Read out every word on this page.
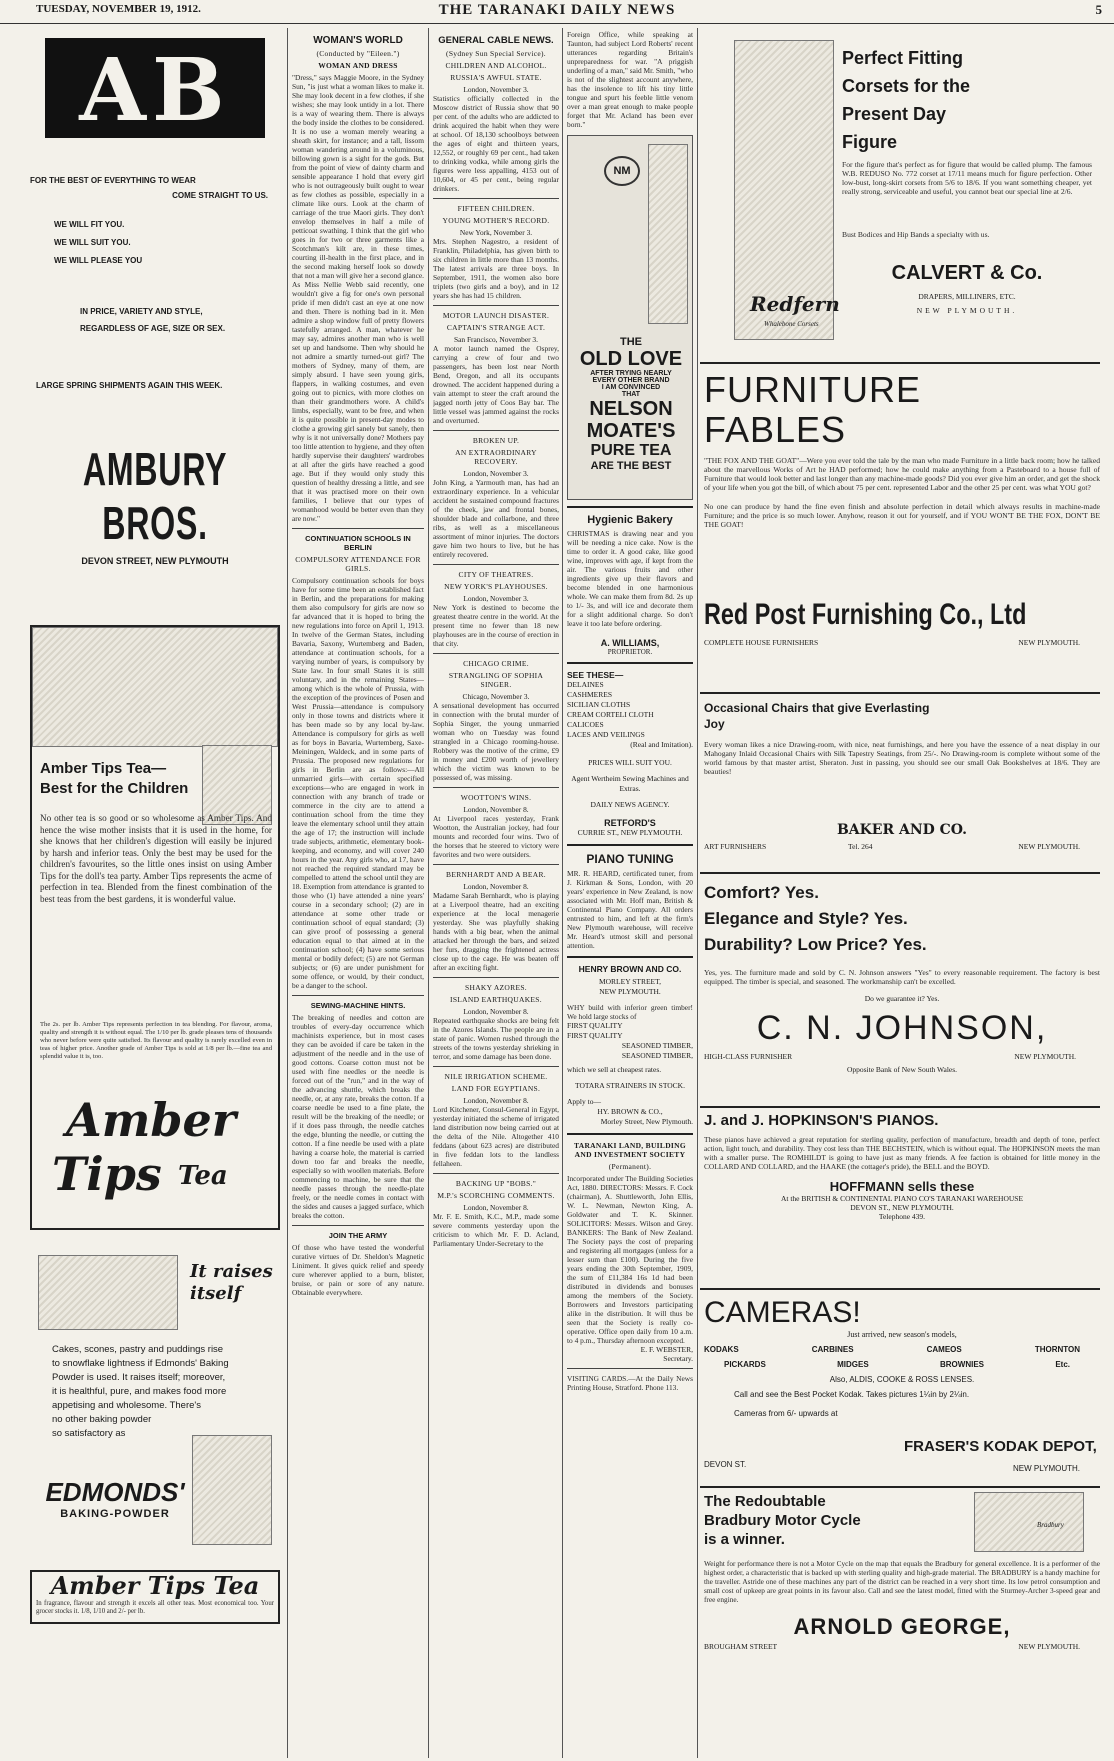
TUESDAY, NOVEMBER 19, 1912.	THE TARANAKI DAILY NEWS	5
AB
FOR THE BEST OF EVERYTHING TO WEAR
COME STRAIGHT TO US.
WE WILL FIT YOU.
WE WILL SUIT YOU.
WE WILL PLEASE YOU
IN PRICE, VARIETY AND STYLE,
REGARDLESS OF AGE, SIZE OR SEX.
LARGE SPRING SHIPMENTS AGAIN THIS WEEK.
AMBURY BROS.
DEVON STREET, NEW PLYMOUTH
Amber Tips Tea—
Best for the Children
No other tea is so good or so wholesome as Amber Tips. And hence the wise mother insists that it is used in the home, for she knows that her children's digestion will easily be injured by harsh and inferior teas. Only the best may be used for the children's favourites, so the little ones insist on using Amber Tips for the doll's tea party. Amber Tips represents the acme of perfection in tea. Blended from the finest combination of the best teas from the best gardens, it is wonderful value.
The 2s. per lb. Amber Tips represents perfection in tea blending. For flavour, aroma, quality and strength it is without equal. The 1/10 per lb. grade pleases tens of thousands who never before were quite satisfied. Its flavour and quality is rarely excelled even in teas of higher price. Another grade of Amber Tips is sold at 1/8 per lb.—fine tea and splendid value it is, too.
Amber
Tips Tea
It raises
itself
Cakes, scones, pastry and puddings rise
to snowflake lightness if Edmonds' Baking
Powder is used. It raises itself; moreover,
it is healthful, pure, and makes food more
appetising and wholesome. There's
no other baking powder
so satisfactory as
EDMONDS'
BAKING-POWDER
Amber Tips Tea
In fragrance, flavour and strength it excels all other teas. Most economical too. Your grocer stocks it. 1/8, 1/10 and 2/- per lb.
WOMAN'S WORLD
(Conducted by "Eileen.")
WOMAN AND DRESS
"Dress," says Maggie Moore, in the Sydney Sun, "is just what a woman likes to make it. She may look decent in a few clothes, if she wishes; she may look untidy in a lot. There is a way of wearing them. There is always the body inside the clothes to be considered. It is no use a woman merely wearing a sheath skirt, for instance; and a tall, lissom woman wandering around in a voluminous, billowing gown is a sight for the gods. But from the point of view of dainty charm and sensible appearance I hold that every girl who is not outrageously built ought to wear as few clothes as possible, especially in a climate like ours. Look at the charm of carriage of the true Maori girls. They don't envelop themselves in half a mile of petticoat swathing. I think that the girl who goes in for two or three garments like a Scotchman's kilt are, in these times, courting ill-health in the first place, and in the second making herself look so dowdy that not a man will give her a second glance. As Miss Nellie Webb said recently, one wouldn't give a fig for one's own personal pride if men didn't cast an eye at one now and then. There is nothing bad in it. Men admire a shop window full of pretty flowers tastefully arranged. A man, whatever he may say, admires another man who is well set up and handsome. Then why should he not admire a smartly turned-out girl? The mothers of Sydney, many of them, are simply absurd. I have seen young girls, flappers, in walking costumes, and even going out to picnics, with more clothes on than their grandmothers wore. A child's limbs, especially, want to be free, and when it is quite possible in present-day modes to clothe a growing girl sanely but sanely, then why is it not universally done? Mothers pay too little attention to hygiene, and they often hardly supervise their daughters' wardrobes at all after the girls have reached a good age. But if they would only study this question of healthy dressing a little, and see that it was practised more on their own families, I believe that our types of womanhood would be better even than they are now."
CONTINUATION SCHOOLS IN BERLIN
COMPULSORY ATTENDANCE FOR GIRLS.
Compulsory continuation schools for boys have for some time been an established fact in Berlin, and the preparations for making them also compulsory for girls are now so far advanced that it is hoped to bring the new regulations into force on April 1, 1913. In twelve of the German States, including Bavaria, Saxony, Wurtemberg and Baden, attendance at continuation schools, for a varying number of years, is compulsory by State law. In four small States it is still voluntary, and in the remaining States—among which is the whole of Prussia, with the exception of the provinces of Posen and West Prussia—attendance is compulsory only in those towns and districts where it has been made so by any local by-law. Attendance is compulsory for girls as well as for boys in Bavaria, Wurtemberg, Saxe-Meiningen, Waldeck, and in some parts of Prussia. The proposed new regulations for girls in Berlin are as follows:—All unmarried girls—with certain specified exceptions—who are engaged in work in connection with any branch of trade or commerce in the city are to attend a continuation school from the time they leave the elementary school until they attain the age of 17; the instruction will include trade subjects, arithmetic, elementary book-keeping, and economy, and will cover 240 hours in the year. Any girls who, at 17, have not reached the required standard may be compelled to attend the school until they are 18. Exemption from attendance is granted to those who (1) have attended a nine years' course in a secondary school; (2) are in attendance at some other trade or continuation school of equal standard; (3) can give proof of possessing a general education equal to that aimed at in the continuation school; (4) have some serious mental or bodily defect; (5) are not German subjects; or (6) are under punishment for some offence, or would, by their conduct, be a danger to the school.
SEWING-MACHINE HINTS.
The breaking of needles and cotton are troubles of every-day occurrence which machinists experience, but in most cases they can be avoided if care be taken in the adjustment of the needle and in the use of good cottons. Coarse cotton must not be used with fine needles or the needle is forced out of the "run," and in the way of the advancing shuttle, which breaks the needle, or, at any rate, breaks the cotton. If a coarse needle be used to a fine plate, the result will be the breaking of the needle; or if it does pass through, the needle catches the edge, blunting the needle, or cutting the cotton. If a fine needle be used with a plate having a coarse hole, the material is carried down too far and breaks the needle, especially so with woollen materials. Before commencing to machine, be sure that the needle passes through the needle-plate freely, or the needle comes in contact with the sides and causes a jagged surface, which breaks the cotton.
JOIN THE ARMY
Of those who have tested the wonderful curative virtues of Dr. Sheldon's Magnetic Liniment. It gives quick relief and speedy cure wherever applied to a burn, blister, bruise, or pain or sore of any nature. Obtainable everywhere.
GENERAL CABLE NEWS.
(Sydney Sun Special Service).
CHILDREN AND ALCOHOL.
RUSSIA'S AWFUL STATE.
London, November 3.
Statistics officially collected in the Moscow district of Russia show that 90 per cent. of the adults who are addicted to drink acquired the habit when they were at school. Of 18,130 schoolboys between the ages of eight and thirteen years, 12,552, or roughly 69 per cent., had taken to drinking vodka, while among girls the figures were less appalling, 4153 out of 10,604, or 45 per cent., being regular drinkers.
FIFTEEN CHILDREN.
YOUNG MOTHER'S RECORD.
New York, November 3.
Mrs. Stephen Nagestro, a resident of Franklin, Philadelphia, has given birth to six children in little more than 13 months. The latest arrivals are three boys. In September, 1911, the women also bore triplets (two girls and a boy), and in 12 years she has had 15 children.
MOTOR LAUNCH DISASTER.
CAPTAIN'S STRANGE ACT.
San Francisco, November 3.
A motor launch named the Osprey, carrying a crew of four and two passengers, has been lost near North Bend, Oregon, and all its occupants drowned. The accident happened during a vain attempt to steer the craft around the jagged north jetty of Coos Bay bar. The little vessel was jammed against the rocks and overturned.
BROKEN UP.
AN EXTRAORDINARY RECOVERY.
London, November 3.
John King, a Yarmouth man, has had an extraordinary experience. In a vehicular accident he sustained compound fractures of the cheek, jaw and frontal bones, shoulder blade and collarbone, and three ribs, as well as a miscellaneous assortment of minor injuries. The doctors gave him two hours to live, but he has entirely recovered.
CITY OF THEATRES.
NEW YORK'S PLAYHOUSES.
London, November 3.
New York is destined to become the greatest theatre centre in the world. At the present time no fewer than 18 new playhouses are in the course of erection in that city.
CHICAGO CRIME.
STRANGLING OF SOPHIA SINGER.
Chicago, November 3.
A sensational development has occurred in connection with the brutal murder of Sophia Singer, the young unmarried woman who on Tuesday was found strangled in a Chicago rooming-house. Robbery was the motive of the crime, £9 in money and £200 worth of jewellery which the victim was known to be possessed of, was missing.
WOOTTON'S WINS.
London, November 8.
At Liverpool races yesterday, Frank Wootton, the Australian jockey, had four mounts and recorded four wins. Two of the horses that he steered to victory were favorites and two were outsiders.
BERNHARDT AND A BEAR.
London, November 8.
Madame Sarah Bernhardt, who is playing at a Liverpool theatre, had an exciting experience at the local menagerie yesterday. She was playfully shaking hands with a big bear, when the animal attacked her through the bars, and seized her furs, dragging the frightened actress close up to the cage. He was beaten off after an exciting fight.
SHAKY AZORES.
ISLAND EARTHQUAKES.
London, November 8.
Repeated earthquake shocks are being felt in the Azores Islands. The people are in a state of panic. Women rushed through the streets of the towns yesterday shrieking in terror, and some damage has been done.
NILE IRRIGATION SCHEME.
LAND FOR EGYPTIANS.
London, November 8.
Lord Kitchener, Consul-General in Egypt, yesterday initiated the scheme of irrigated land distribution now being carried out at the delta of the Nile. Altogether 410 feddans (about 623 acres) are distributed in five feddan lots to the landless fellaheen.
BACKING UP "BOBS."
M.P.'s SCORCHING COMMENTS.
London, November 8.
Mr. F. E. Smith, K.C., M.P., made some severe comments yesterday upon the criticism to which Mr. F. D. Acland, Parliamentary Under-Secretary to the
Foreign Office, while speaking at Taunton, had subject Lord Roberts' recent utterances regarding Britain's unpreparedness for war. "A priggish underling of a man," said Mr. Smith, "who is not of the slightest account anywhere, has the insolence to lift his tiny little tongue and spurt his feeble little venom over a man great enough to make people forget that Mr. Acland has been ever born."
NM
THE
OLD LOVE
AFTER TRYING NEARLY
EVERY OTHER BRAND
I AM CONVINCED
THAT
NELSON
MOATE'S
PURE TEA
ARE THE BEST
Hygienic Bakery
CHRISTMAS is drawing near and you will be needing a nice cake. Now is the time to order it. A good cake, like good wine, improves with age, if kept from the air. The various fruits and other ingredients give up their flavors and become blended in one harmonious whole. We can make them from 8d. 2s up to 1/- 3s, and will ice and decorate them for a slight additional charge. So don't leave it too late before ordering.
A. WILLIAMS,
PROPRIETOR.
SEE THESE—
DELAINES
CASHMERES
SICILIAN CLOTHS
CREAM CORTELI CLOTH
CALICOES
LACES AND VEILINGS
(Real and Imitation).
PRICES WILL SUIT YOU.
Agent Wertheim Sewing Machines and Extras.
DAILY NEWS AGENCY.
RETFORD'S
CURRIE ST., NEW PLYMOUTH.
PIANO TUNING
MR. R. HEARD, certificated tuner, from J. Kirkman & Sons, London, with 20 years' experience in New Zealand, is now associated with Mr. Hoff man, British & Continental Piano Company. All orders entrusted to him, and left at the firm's New Plymouth warehouse, will receive Mr. Heard's utmost skill and personal attention.
HENRY BROWN AND CO.
MORLEY STREET,
NEW PLYMOUTH.
WHY build with inferior green timber! We hold large stocks of
FIRST QUALITY
FIRST QUALITY
SEASONED TIMBER,
SEASONED TIMBER,
which we sell at cheapest rates.
TOTARA STRAINERS IN STOCK.
Apply to—
HY. BROWN & CO.,
Morley Street, New Plymouth.
TARANAKI LAND, BUILDING AND INVESTMENT SOCIETY
(Permanent).
Incorporated under The Building Societies Act, 1880. DIRECTORS: Messrs. F. Cock (chairman), A. Shuttleworth, John Ellis, W. L. Newman, Newton King, A. Goldwater and T. K. Skinner. SOLICITORS: Messrs. Wilson and Grey. BANKERS: The Bank of New Zealand. The Society pays the cost of preparing and registering all mortgages (unless for a lesser sum than £100). During the five years ending the 30th September, 1909, the sum of £11,384 16s 1d had been distributed in dividends and bonuses among the members of the Society. Borrowers and Investors participating alike in the distribution. It will thus be seen that the Society is really co-operative. Office open daily from 10 a.m. to 4 p.m., Thursday afternoon excepted.
E. F. WEBSTER,
Secretary.
VISITING CARDS.—At the Daily News Printing House, Stratford. Phone 113.
Redfern
Whalebone Corsets
Perfect Fitting
Corsets for the
Present Day
Figure
For the figure that's perfect as for figure that would be called plump. The famous W.B. REDUSO No. 772 corset at 17/11 means much for figure perfection. Other low-bust, long-skirt corsets from 5/6 to 18/6. If you want something cheaper, yet really strong, serviceable and useful, you cannot beat our special line at 2/6.
Bust Bodices and Hip Bands a specialty with us.
CALVERT & Co.
DRAPERS, MILLINERS, ETC.
NEW PLYMOUTH.
FURNITURE
FABLES
"THE FOX AND THE GOAT"—Were you ever told the tale by the man who made Furniture in a little back room; how he talked about the marvellous Works of Art he HAD performed; how he could make anything from a Pasteboard to a house full of Furniture that would look better and last longer than any machine-made goods? Did you ever give him an order, and get the shock of your life when you got the bill, of which about 75 per cent. represented Labor and the other 25 per cent. was what YOU got?
No one can produce by hand the fine even finish and absolute perfection in detail which always results in machine-made Furniture; and the price is so much lower. Anyhow, reason it out for yourself, and if YOU WON'T BE THE FOX, DON'T BE THE GOAT!
Red Post Furnishing Co., Ltd
COMPLETE HOUSE FURNISHERS	NEW PLYMOUTH.
Occasional Chairs that give Everlasting Joy
Every woman likes a nice Drawing-room, with nice, neat furnishings, and here you have the essence of a neat display in our Mahogany Inlaid Occasional Chairs with Silk Tapestry Seatings, from 25/-. No Drawing-room is complete without some of the world famous by that master artist, Sheraton. Just in passing, you should see our small Oak Bookshelves at 18/6. They are beauties!
BAKER AND CO.
ART FURNISHERS	Tel. 264	NEW PLYMOUTH.
Comfort? Yes.
Elegance and Style? Yes.
Durability? Low Price? Yes.
Yes, yes. The furniture made and sold by C. N. Johnson answers "Yes" to every reasonable requirement. The factory is best equipped. The timber is special, and seasoned. The workmanship can't be excelled.
Do we guarantee it? Yes.
C. N. JOHNSON,
HIGH-CLASS FURNISHER	NEW PLYMOUTH.
Opposite Bank of New South Wales.
J. and J. HOPKINSON'S PIANOS.
These pianos have achieved a great reputation for sterling quality, perfection of manufacture, breadth and depth of tone, perfect action, light touch, and durability. They cost less than THE BECHSTEIN, which is without equal. The HOPKINSON meets the man with a smaller purse. The ROMHILDT is going to have just as many friends. A fee faction is obtained for little money in the COLLARD AND COLLARD, and the HAAKE (the cottager's pride), the BELL and the BOYD.
HOFFMANN sells these
At the BRITISH & CONTINENTAL PIANO CO'S TARANAKI WAREHOUSE
DEVON ST., NEW PLYMOUTH.
Telephone 439.
CAMERAS!
Just arrived, new season's models,
KODAKS	CARBINES	CAMEOS	THORNTON
PICKARDS	MIDGES	BROWNIES	Etc.
Also, ALDIS, COOKE & ROSS LENSES.
Call and see the Best Pocket Kodak. Takes pictures 1¼in by 2¼in.
Cameras from 6/- upwards at
FRASER'S KODAK DEPOT,
DEVON ST.	NEW PLYMOUTH.
The Redoubtable
Bradbury Motor Cycle
is a winner.
Bradbury
Weight for performance there is not a Motor Cycle on the map that equals the Bradbury for general excellence. It is a performer of the highest order, a characteristic that is backed up with sterling quality and high-grade material. The BRADBURY is a handy machine for the traveller. Astride one of these machines any part of the district can be reached in a very short time. Its low petrol consumption and small cost of upkeep are great points in its favour also. Call and see the latest model, fitted with the Sturmey-Archer 3-speed gear and free engine.
ARNOLD GEORGE,
BROUGHAM STREET	NEW PLYMOUTH.
